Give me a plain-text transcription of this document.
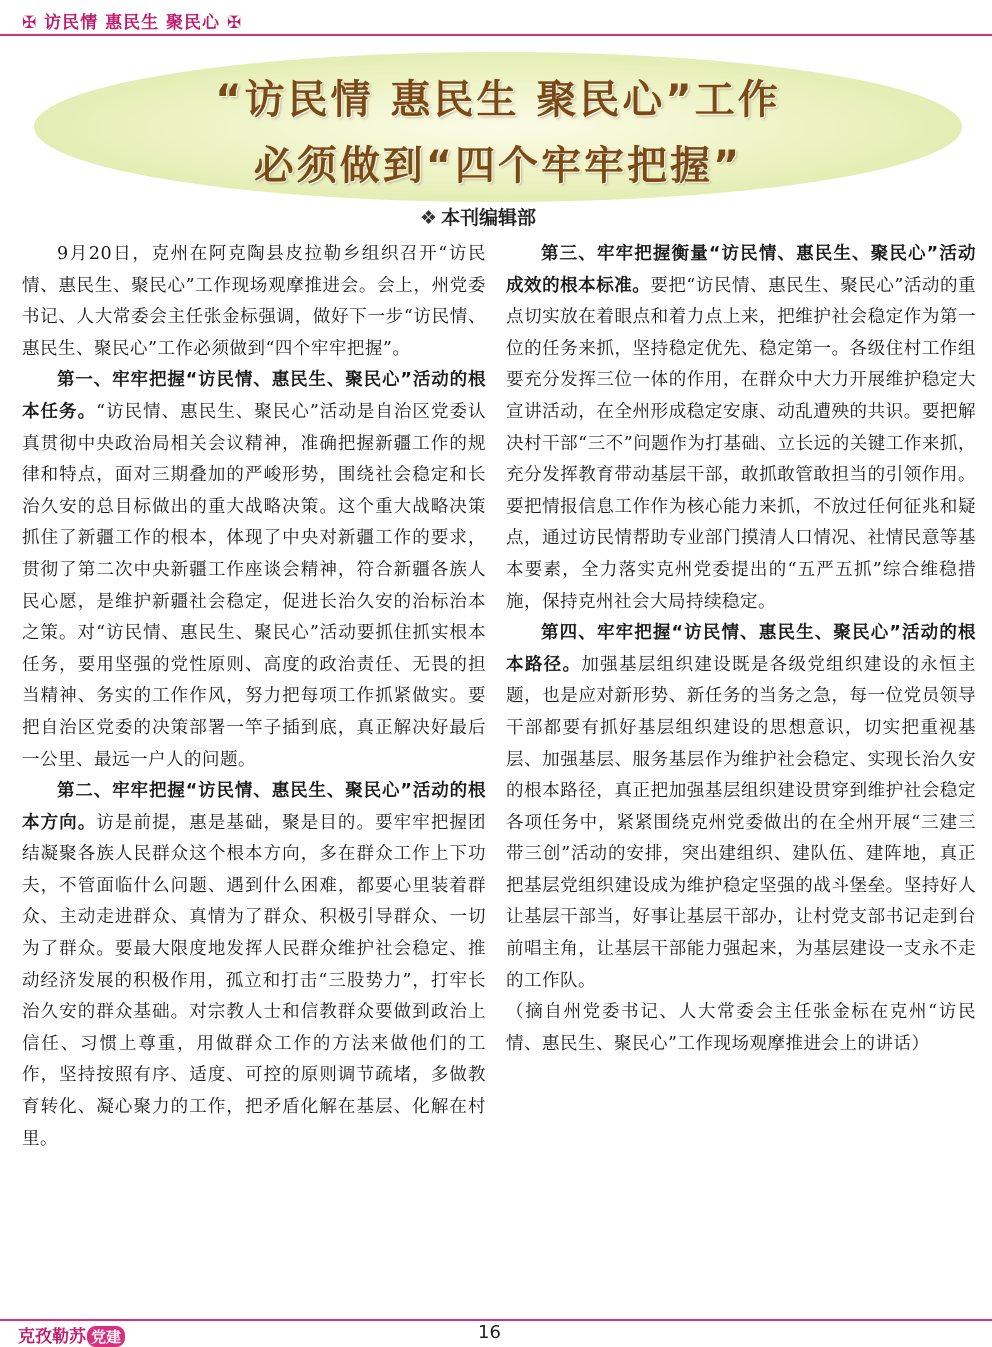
✠ 访民情 惠民生 聚民心 ✠
“访民情 惠民生 聚民心”工作
必须做到“四个牢牢把握”
❖ 本刊编辑部

9月20日，克州在阿克陶县皮拉勒乡组织召开“访民情、惠民生、聚民心”工作现场观摩推进会。会上，州党委书记、人大常委会主任张金标强调，做好下一步“访民情、惠民生、聚民心”工作必须做到“四个牢牢把握”。

第一、牢牢把握“访民情、惠民生、聚民心”活动的根本任务。“访民情、惠民生、聚民心”活动是自治区党委认真贯彻中央政治局相关会议精神，准确把握新疆工作的规律和特点，面对三期叠加的严峻形势，围绕社会稳定和长治久安的总目标做出的重大战略决策。这个重大战略决策抓住了新疆工作的根本，体现了中央对新疆工作的要求，贯彻了第二次中央新疆工作座谈会精神，符合新疆各族人民心愿，是维护新疆社会稳定，促进长治久安的治标治本之策。对“访民情、惠民生、聚民心”活动要抓住抓实根本任务，要用坚强的党性原则、高度的政治责任、无畏的担当精神、务实的工作作风，努力把每项工作抓紧做实。要把自治区党委的决策部署一竿子插到底，真正解决好最后一公里、最远一户人的问题。

第二、牢牢把握“访民情、惠民生、聚民心”活动的根本方向。访是前提，惠是基础，聚是目的。要牢牢把握团结凝聚各族人民群众这个根本方向，多在群众工作上下功夫，不管面临什么问题、遇到什么困难，都要心里装着群众、主动走进群众、真情为了群众、积极引导群众、一切为了群众。要最大限度地发挥人民群众维护社会稳定、推动经济发展的积极作用，孤立和打击“三股势力”，打牢长治久安的群众基础。对宗教人士和信教群众要做到政治上信任、习惯上尊重，用做群众工作的方法来做他们的工作，坚持按照有序、适度、可控的原则调节疏堵，多做教育转化、凝心聚力的工作，把矛盾化解在基层、化解在村里。

第三、牢牢把握衡量“访民情、惠民生、聚民心”活动成效的根本标准。要把“访民情、惠民生、聚民心”活动的重点切实放在着眼点和着力点上来，把维护社会稳定作为第一位的任务来抓，坚持稳定优先、稳定第一。各级住村工作组要充分发挥三位一体的作用，在群众中大力开展维护稳定大宣讲活动，在全州形成稳定安康、动乱遭殃的共识。要把解决村干部“三不”问题作为打基础、立长远的关键工作来抓，充分发挥教育带动基层干部，敢抓敢管敢担当的引领作用。要把情报信息工作作为核心能力来抓，不放过任何征兆和疑点，通过访民情帮助专业部门摸清人口情况、社情民意等基本要素，全力落实克州党委提出的“五严五抓”综合维稳措施，保持克州社会大局持续稳定。

第四、牢牢把握“访民情、惠民生、聚民心”活动的根本路径。加强基层组织建设既是各级党组织建设的永恒主题，也是应对新形势、新任务的当务之急，每一位党员领导干部都要有抓好基层组织建设的思想意识，切实把重视基层、加强基层、服务基层作为维护社会稳定、实现长治久安的根本路径，真正把加强基层组织建设贯穿到维护社会稳定各项任务中，紧紧围绕克州党委做出的在全州开展“三建三带三创”活动的安排，突出建组织、建队伍、建阵地，真正把基层党组织建设成为维护稳定坚强的战斗堡垒。坚持好人让基层干部当，好事让基层干部办，让村党支部书记走到台前唱主角，让基层干部能力强起来，为基层建设一支永不走的工作队。

（摘自州党委书记、人大常委会主任张金标在克州“访民情、惠民生、聚民心”工作现场观摩推进会上的讲话）

克孜勒苏 党建	16
